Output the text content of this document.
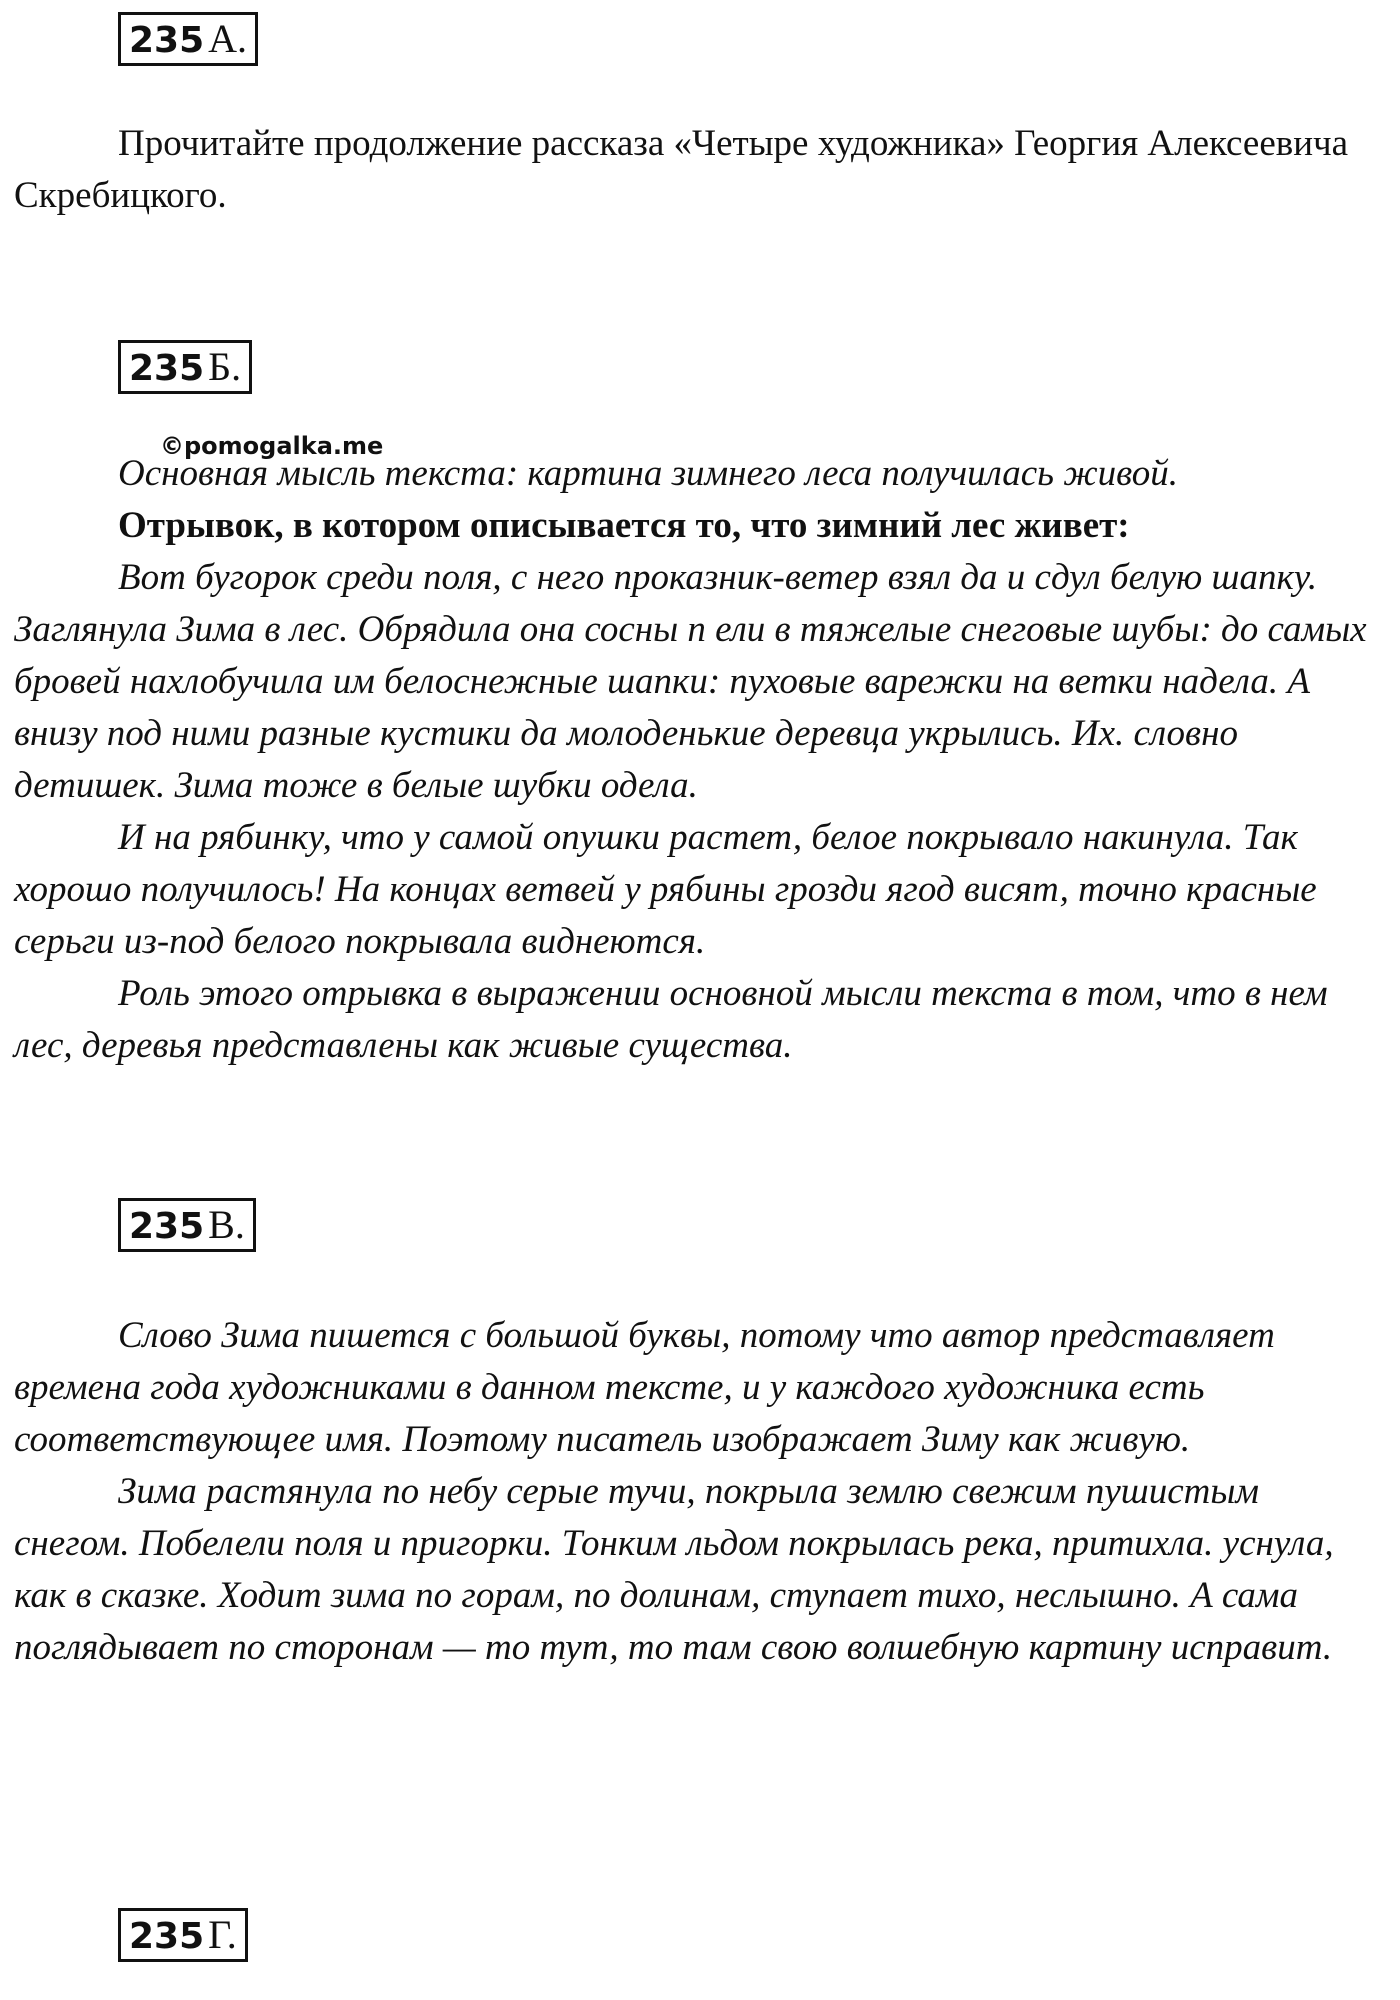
235 А.

Прочитайте продолжение рассказа «Четыре художника» Георгия Алексеевича Скребицкого.

235 Б.
©pomogalka.me

Основная мысль текста: картина зимнего леса получилась живой.

Отрывок, в котором описывается то, что зимний лес живет:

Вот бугорок среди поля, с него проказник-ветер взял да и сдул белую шапку. Заглянула Зима в лес. Обрядила она сосны п ели в тяжелые снеговые шубы: до самых бровей нахлобучила им белоснежные шапки: пуховые варежки на ветки надела. А внизу под ними разные кустики да молоденькие деревца укрылись. Их. словно детишек. Зима тоже в белые шубки одела.

И на рябинку, что у самой опушки растет, белое покрывало накинула. Так хорошо получилось! На концах ветвей у рябины грозди ягод висят, точно красные серьги из-под белого покрывала виднеются.

Роль этого отрывка в выражении основной мысли текста в том, что в нем лес, деревья представлены как живые существа.

235 В.

Слово Зима пишется с большой буквы, потому что автор представляет времена года художниками в данном тексте, и у каждого художника есть соответствующее имя. Поэтому писатель изображает Зиму как живую.

Зима растянула по небу серые тучи, покрыла землю свежим пушистым снегом. Побелели поля и пригорки. Тонким льдом покрылась река, притихла. уснула, как в сказке. Ходит зима по горам, по долинам, ступает тихо, неслышно. А сама поглядывает по сторонам — то тут, то там свою волшебную картину исправит.

235 Г.
